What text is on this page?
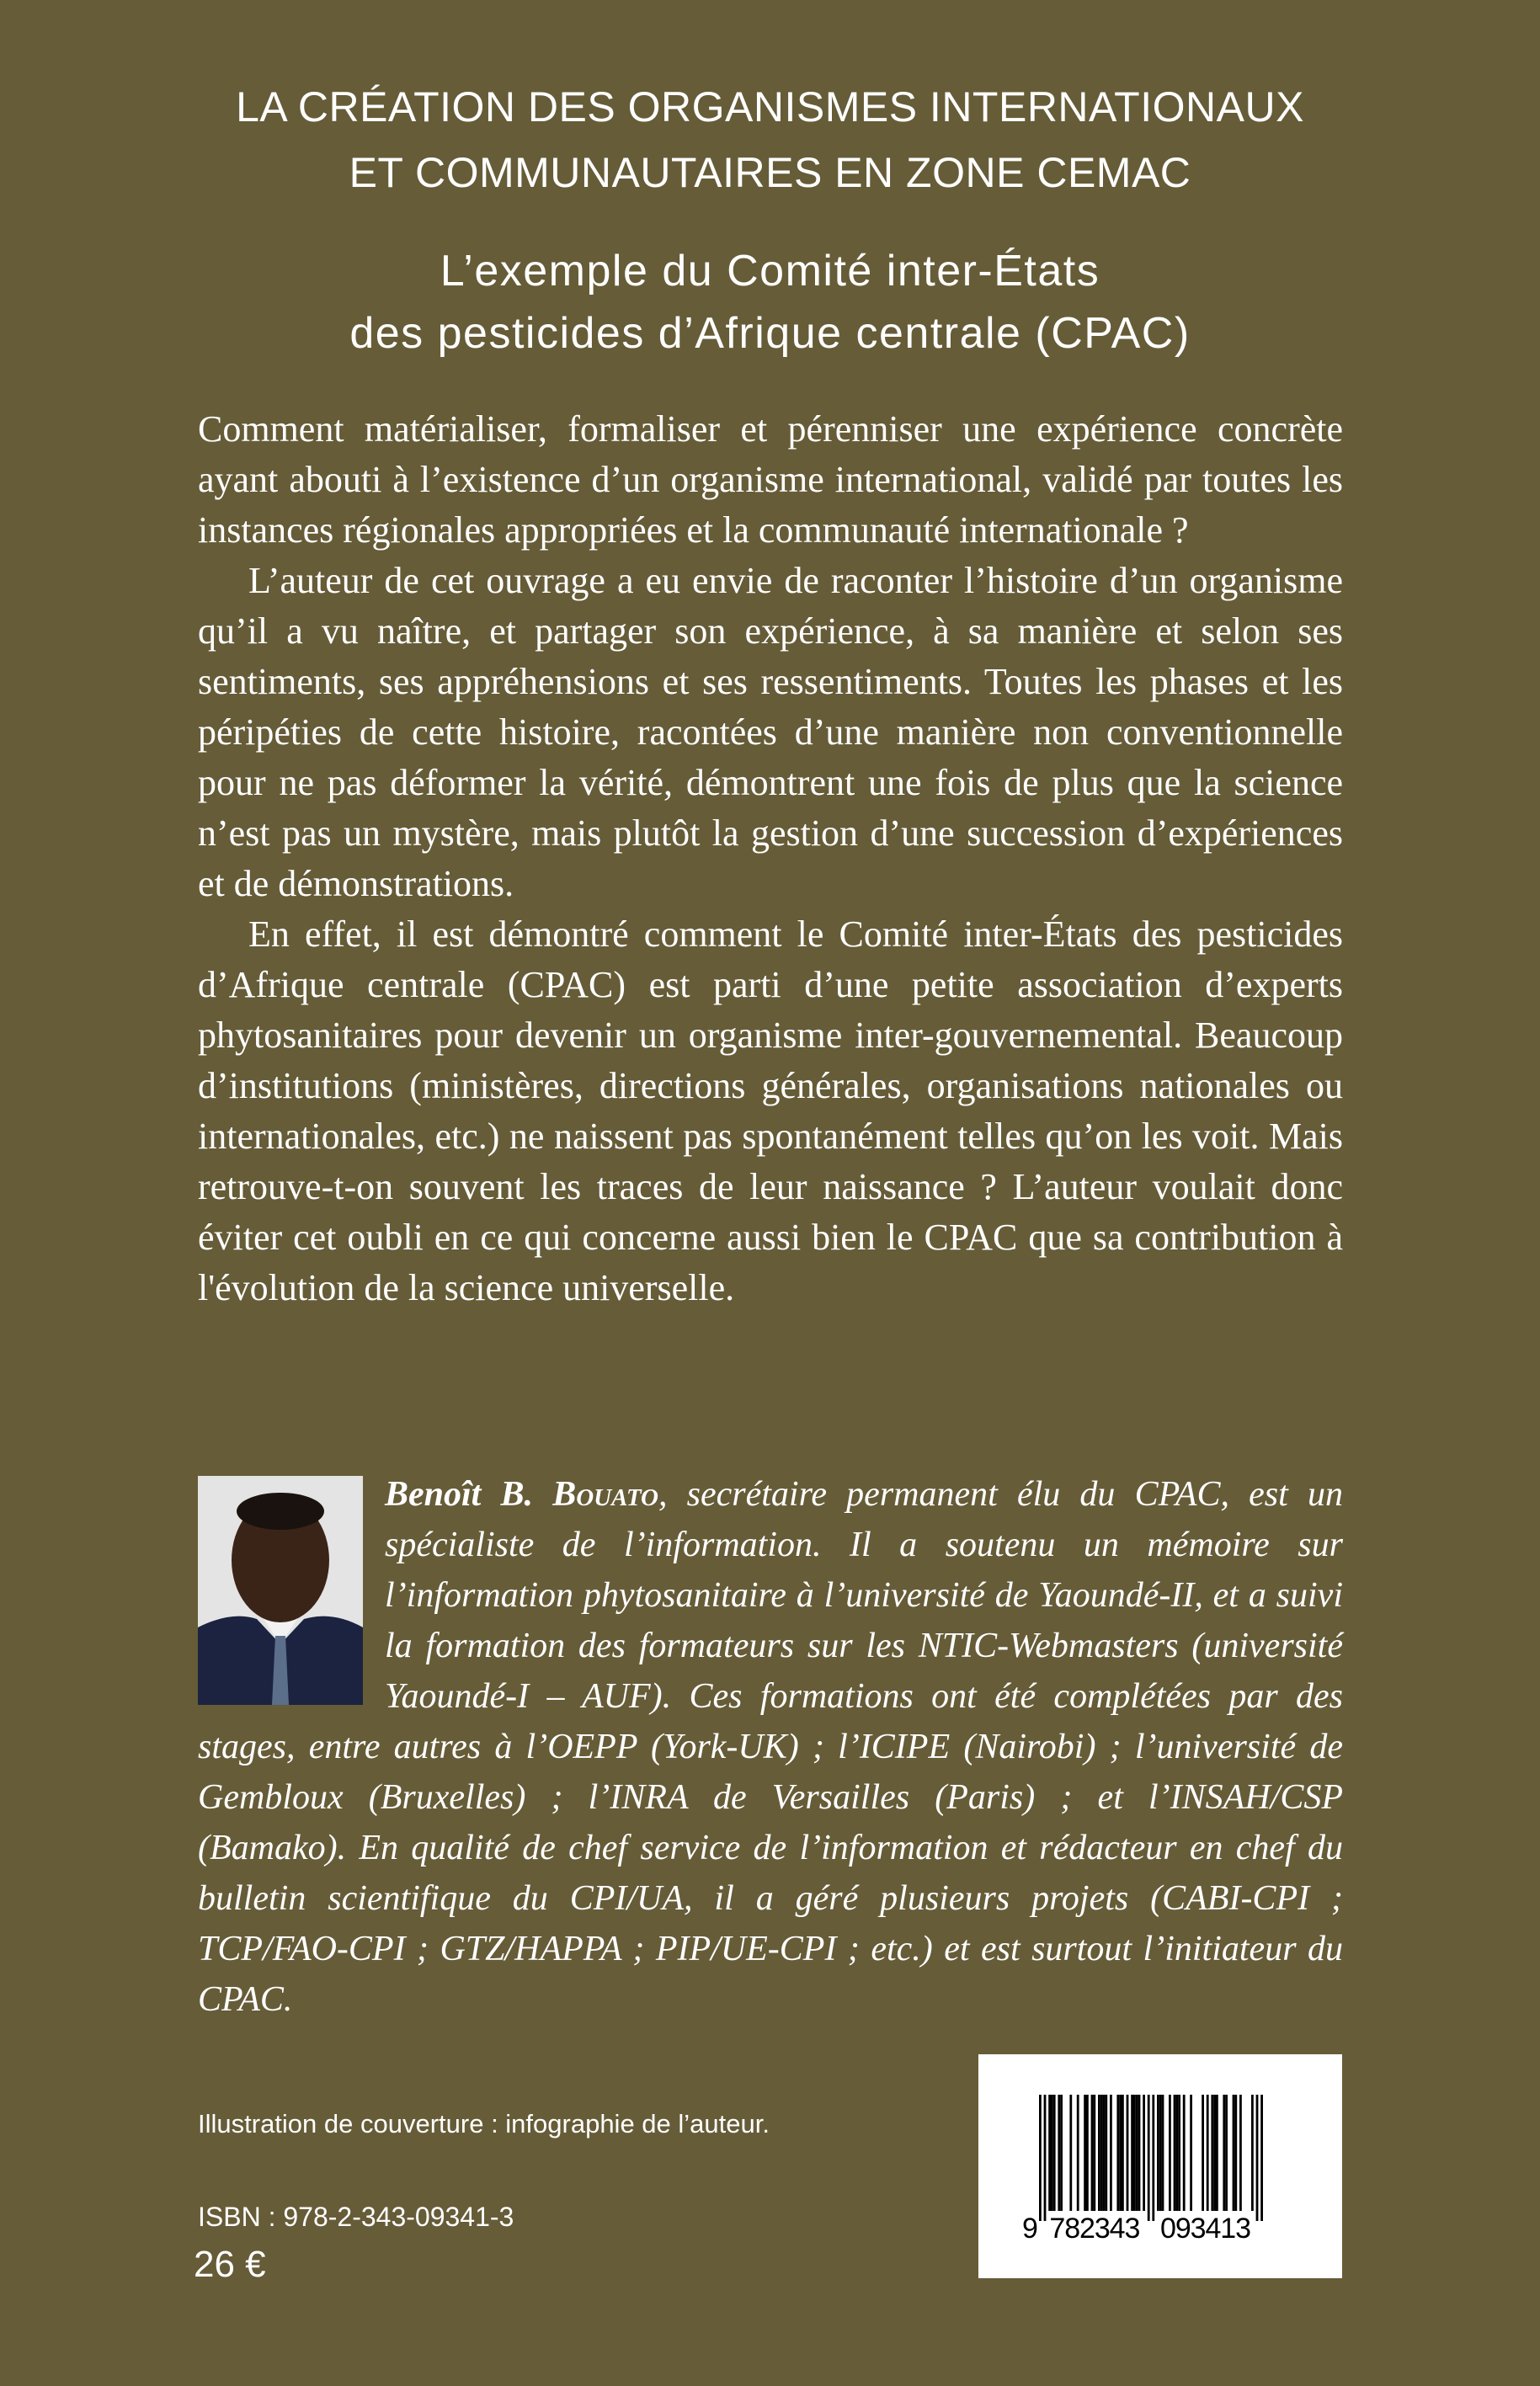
LA CRÉATION DES ORGANISMES INTERNATIONAUX
ET COMMUNAUTAIRES EN ZONE CEMAC
L’exemple du Comité inter-États
des pesticides d’Afrique centrale (CPAC)

Comment matérialiser, formaliser et pérenniser une expérience concrète ayant abouti à l’existence d’un organisme international, validé par toutes les instances régionales appropriées et la communauté internationale ?

L’auteur de cet ouvrage a eu envie de raconter l’histoire d’un organisme qu’il a vu naître, et partager son expérience, à sa manière et selon ses sentiments, ses appréhensions et ses ressentiments. Toutes les phases et les péripéties de cette histoire, racontées d’une manière non conventionnelle pour ne pas déformer la vérité, démontrent une fois de plus que la science n’est pas un mystère, mais plutôt la gestion d’une succession d’expériences et de démonstrations.

En effet, il est démontré comment le Comité inter-États des pesticides d’Afrique centrale (CPAC) est parti d’une petite association d’experts phytosanitaires pour devenir un organisme inter-gouvernemental. Beaucoup d’institutions (ministères, directions générales, organisations nationales ou internationales, etc.) ne naissent pas spontanément telles qu’on les voit. Mais retrouve-t-on souvent les traces de leur naissance ? L’auteur voulait donc éviter cet oubli en ce qui concerne aussi bien le CPAC que sa contribution à l'évolution de la science universelle.

Benoît B. Bouato, secrétaire permanent élu du CPAC, est un spécialiste de l’information. Il a soutenu un mémoire sur l’information phytosanitaire à l’université de Yaoundé-II, et a suivi la formation des formateurs sur les NTIC-Webmasters (université Yaoundé-I – AUF). Ces formations ont été complétées par des stages, entre autres à l’OEPP (York-UK) ; l’ICIPE (Nairobi) ; l’université de Gembloux (Bruxelles) ; l’INRA de Versailles (Paris) ; et l’INSAH/CSP (Bamako). En qualité de chef service de l’information et rédacteur en chef du bulletin scientifique du CPI/UA, il a géré plusieurs projets (CABI-CPI ; TCP/FAO-CPI ; GTZ/HAPPA ; PIP/UE-CPI ; etc.) et est surtout l’initiateur du CPAC.
Illustration de couverture : infographie de l’auteur.
ISBN : 978-2-343-09341-3
26 €
9 782343 093413
